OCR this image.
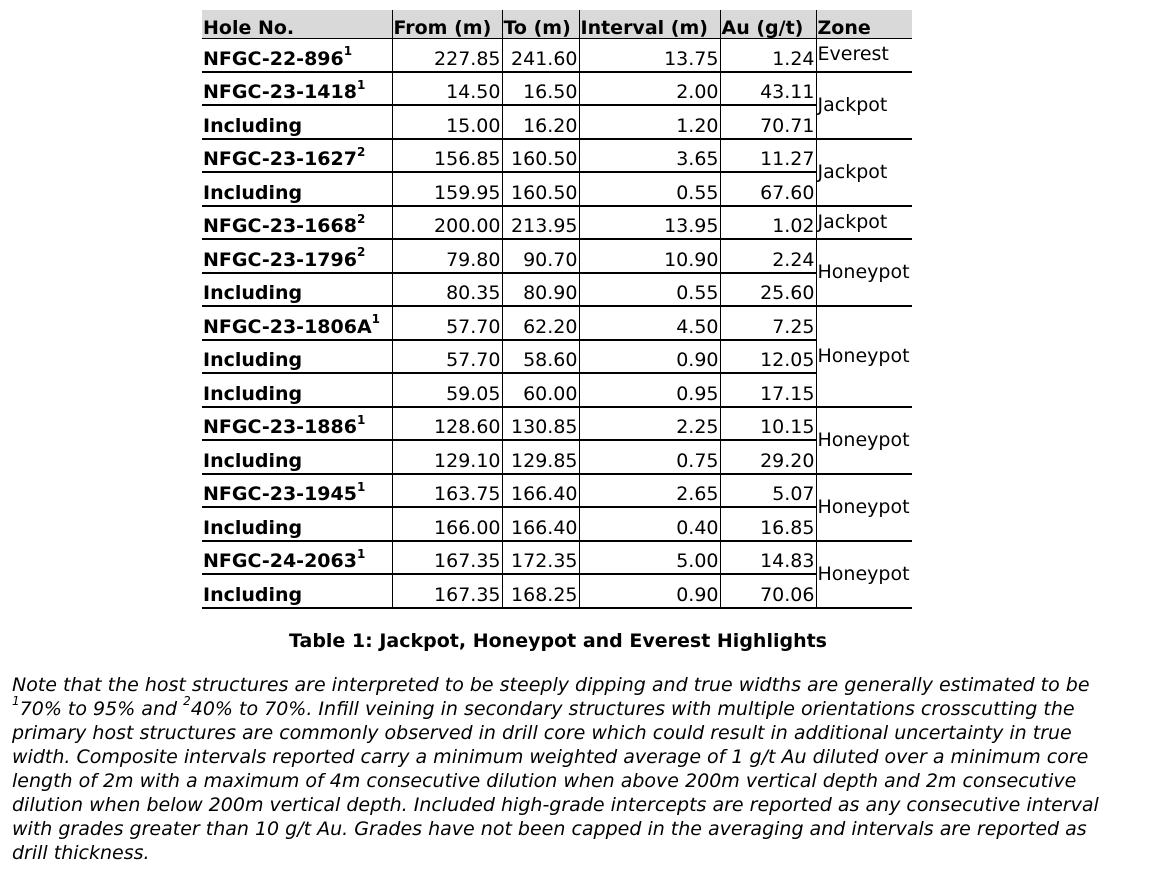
Hole No.	From (m)	To (m)	Interval (m)	Au (g/t)	Zone
NFGC-$22-896^1$	227.85	241.60	13.75	1.24	Everest
NFGC-23-1418$^1$	14.50	16.50	2.00	43.11	Jackpot
Including	15.00	16.20	1.20	70.71	
NFGC-23-1627$^2$	156.85	160.50	3.65	11.27	Jackpot
Including	159.95	160.50	0.55	67.60	
NFGC-23-1668$^2$	200.00	213.95	13.95	1.02	Jackpot
NFGC-23-1796$^2$	79.80	90.70	10.90	2.24	Honeypot
Including	80.35	80.90	0.55	25.60	
NFGC-$23-1806A^1$	57.70	62.20	4.50	7.25	Honeypot
Including	57.70	58.60	0.90	12.05	
Including	59.05	60.00	0.95	17.15	
NFGC-23-1886$^1$	128.60	130.85	2.25	10.15	Honeypot
Including	129.10	129.85	0.75	29.20	
NFGC-23-1945$^1$	163.75	166.40	2.65	5.07	Honeypot
Including	166.00	166.40	0.40	16.85	
NFGC-24-2063$^1$	167.35	172.35	5.00	14.83	Honeypot
Including	167.35	168.25	0.90	70.06	

Table 1: Jackpot, Honeypot and Everest Highlights

Note that the host structures are interpreted to be steeply dipping and true widths are generally estimated to be $^1$70% to 95% and $^2$40% to 70%. Infill veining in secondary structures with multiple orientations crosscutting the primary host structures are commonly observed in drill core which could result in additional uncertainty in true width. Composite intervals reported carry a minimum weighted average of 1 g/t Au diluted over a minimum core length of 2m with a maximum of 4m consecutive dilution when above 200m vertical depth and 2m consecutive dilution when below 200m vertical depth. Included high-grade intercepts are reported as any consecutive interval with grades greater than 10 g/t Au. Grades have not been capped in the averaging and intervals are reported as drill thickness.
